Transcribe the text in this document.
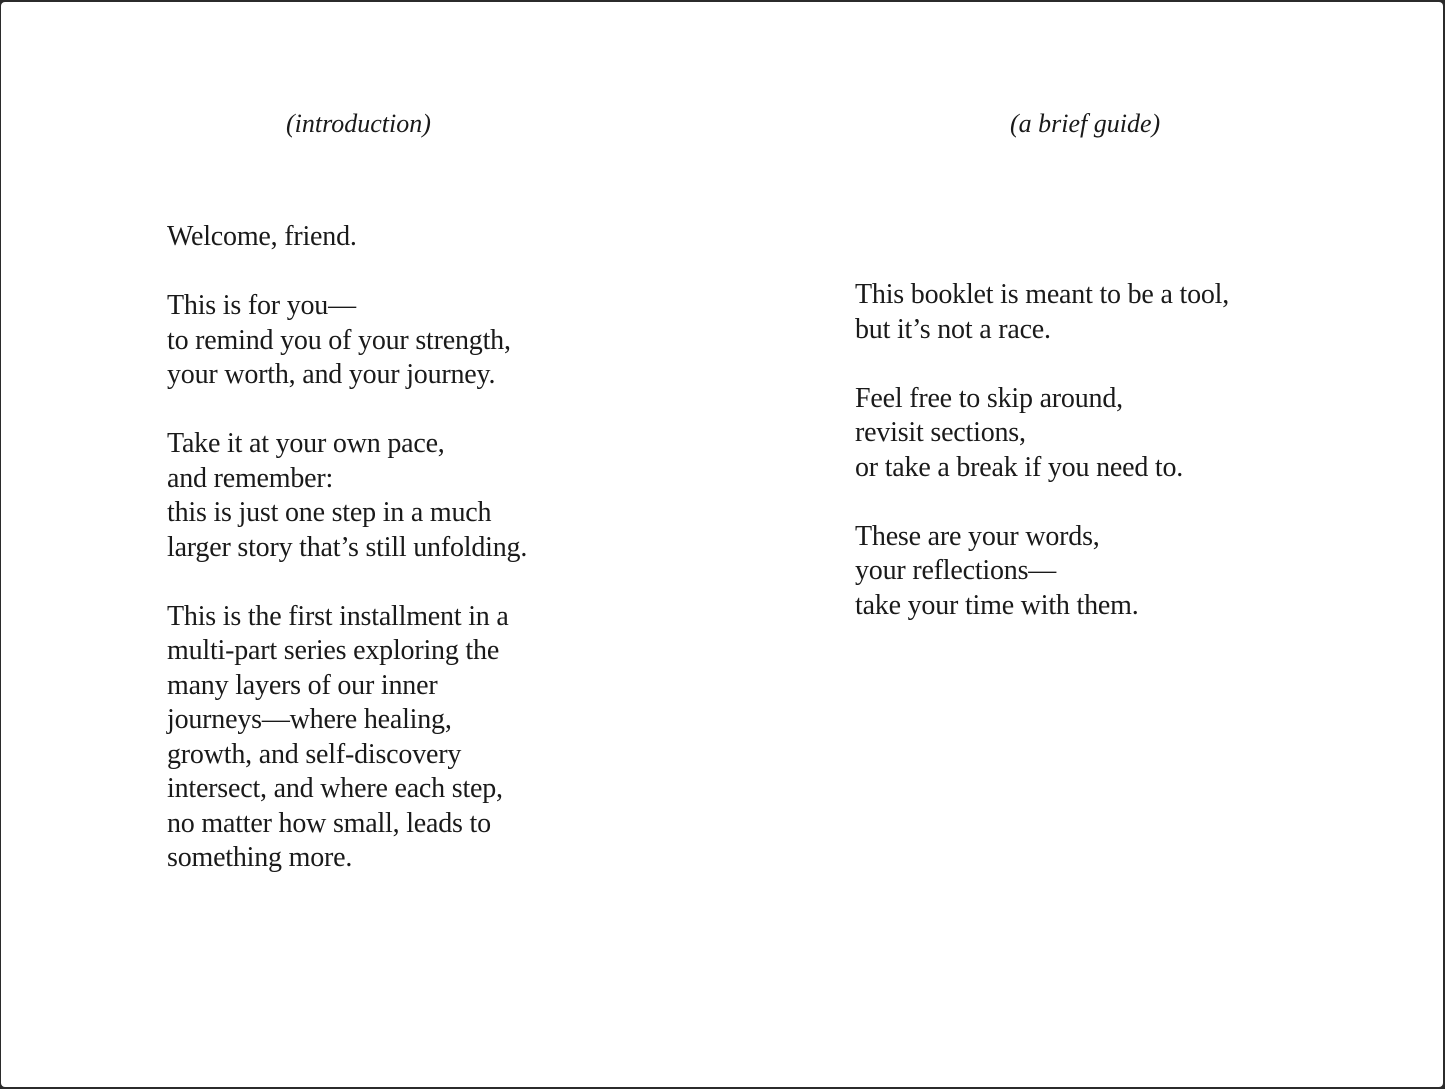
(introduction)	(a brief guide)

Welcome, friend.

This is for you—
to remind you of your strength,
your worth, and your journey.

Take it at your own pace,
and remember:
this is just one step in a much
larger story that’s still unfolding.

This is the first installment in a
multi-part series exploring the
many layers of our inner
journeys—where healing,
growth, and self-discovery
intersect, and where each step,
no matter how small, leads to
something more.

This booklet is meant to be a tool,
but it’s not a race.

Feel free to skip around,
revisit sections,
or take a break if you need to.

These are your words,
your reflections—
take your time with them.
